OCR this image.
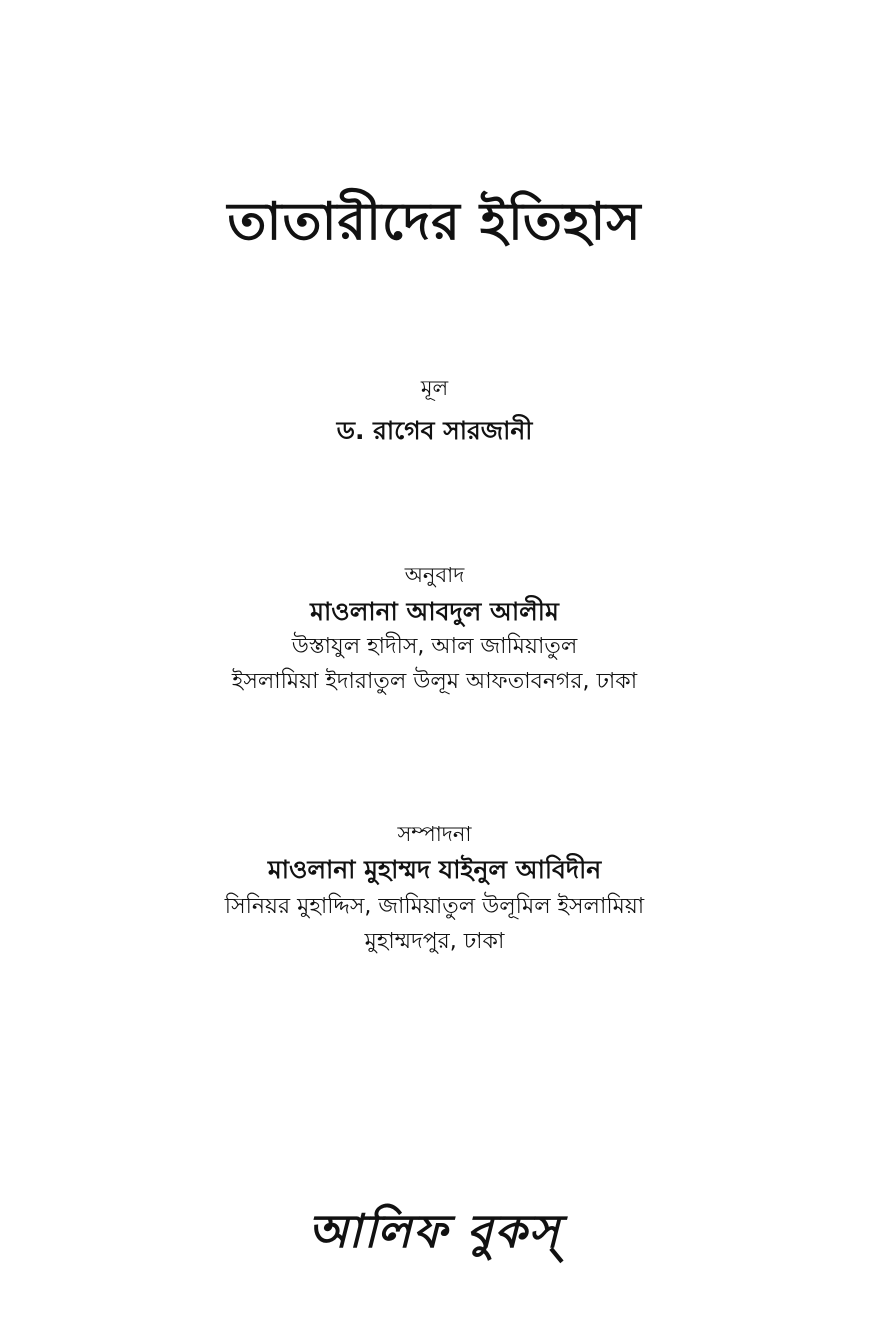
তাতারীদের ইতিহাস
মূল
ড. রাগেব সারজানী
অনুবাদ
মাওলানা আবদুল আলীম
উস্তাযুল হাদীস, আল জামিয়াতুল
ইসলামিয়া ইদারাতুল উলূম আফতাবনগর, ঢাকা
সম্পাদনা
মাওলানা মুহাম্মদ যাইনুল আবিদীন
সিনিয়র মুহাদ্দিস, জামিয়াতুল উলূমিল ইসলামিয়া
মুহাম্মদপুর, ঢাকা
আলিফ বুকস্
